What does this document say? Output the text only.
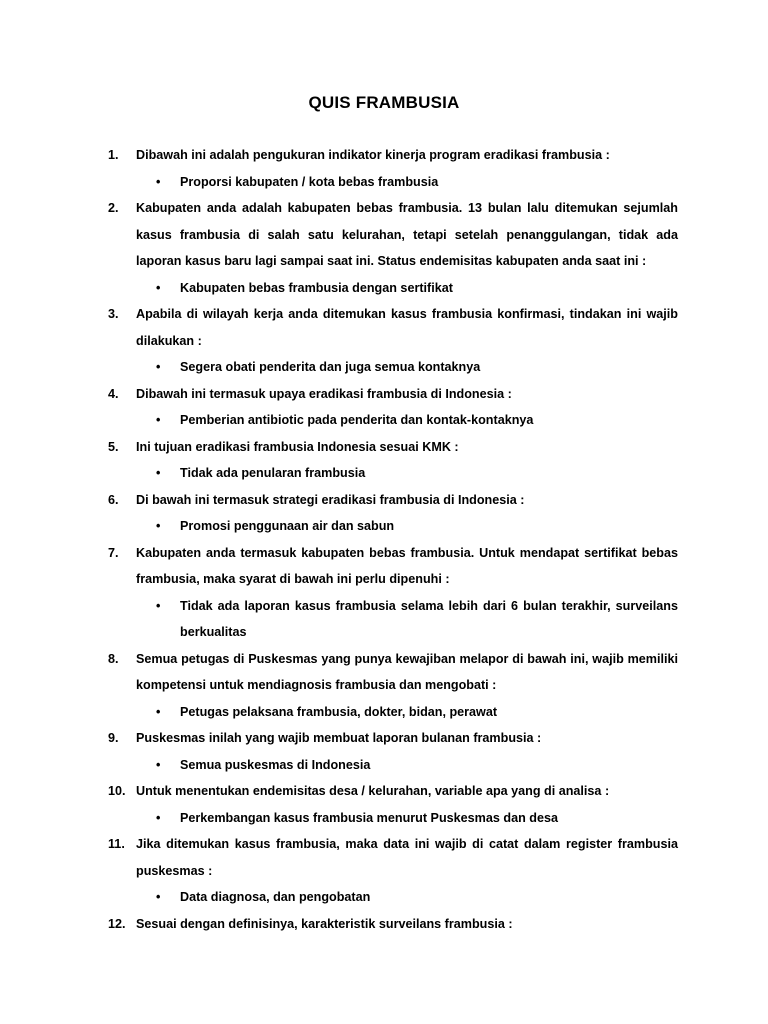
QUIS FRAMBUSIA
1. Dibawah ini adalah pengukuran indikator kinerja program eradikasi frambusia :
• Proporsi kabupaten / kota bebas frambusia
2. Kabupaten anda adalah kabupaten bebas frambusia. 13 bulan lalu ditemukan sejumlah kasus frambusia di salah satu kelurahan, tetapi setelah penanggulangan, tidak ada laporan kasus baru lagi sampai saat ini. Status endemisitas kabupaten anda saat ini :
• Kabupaten bebas frambusia dengan sertifikat
3. Apabila di wilayah kerja anda ditemukan kasus frambusia konfirmasi, tindakan ini wajib dilakukan :
• Segera obati penderita dan juga semua kontaknya
4. Dibawah ini termasuk upaya eradikasi frambusia di Indonesia :
• Pemberian antibiotic pada penderita dan kontak-kontaknya
5. Ini tujuan eradikasi frambusia Indonesia sesuai KMK :
• Tidak ada penularan frambusia
6. Di bawah ini termasuk strategi eradikasi frambusia di Indonesia :
• Promosi penggunaan air dan sabun
7. Kabupaten anda termasuk kabupaten bebas frambusia. Untuk mendapat sertifikat bebas frambusia, maka syarat di bawah ini perlu dipenuhi :
• Tidak ada laporan kasus frambusia selama lebih dari 6 bulan terakhir, surveilans berkualitas
8. Semua petugas di Puskesmas yang punya kewajiban melapor di bawah ini, wajib memiliki kompetensi untuk mendiagnosis frambusia dan mengobati :
• Petugas pelaksana frambusia, dokter, bidan, perawat
9. Puskesmas inilah yang wajib membuat laporan bulanan frambusia :
• Semua puskesmas di Indonesia
10. Untuk menentukan endemisitas desa / kelurahan, variable apa yang di analisa :
• Perkembangan kasus frambusia menurut Puskesmas dan desa
11. Jika ditemukan kasus frambusia, maka data ini wajib di catat dalam register frambusia puskesmas :
• Data diagnosa, dan pengobatan
12. Sesuai dengan definisinya, karakteristik surveilans frambusia :
